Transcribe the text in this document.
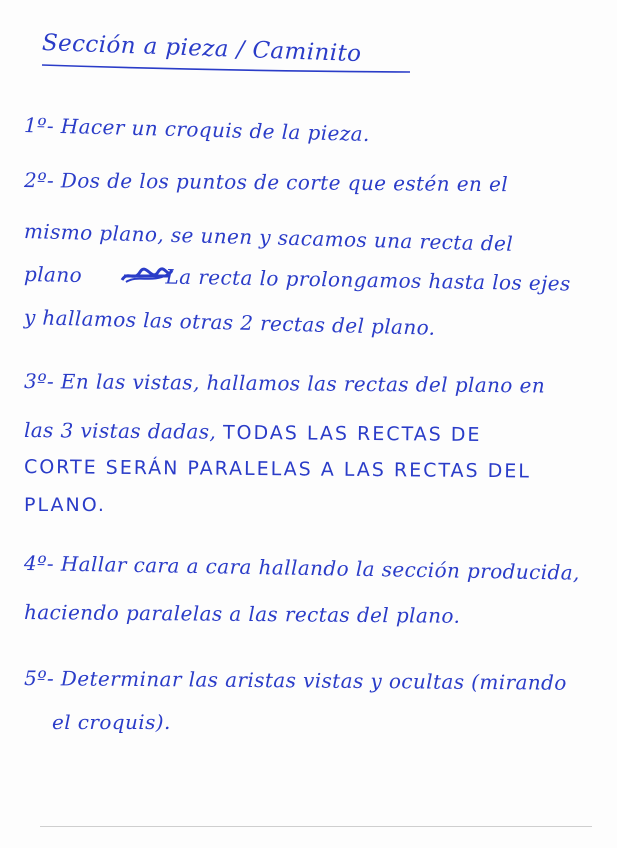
Sección a pieza / Caminito
1º- Hacer un croquis de la pieza.
2º- Dos de los puntos de corte que estén en el
mismo plano, se unen y sacamos una recta del
plano	La recta lo prolongamos hasta los ejes
y hallamos las otras 2 rectas del plano.
3º- En las vistas, hallamos las rectas del plano en
las 3 vistas dadas, TODAS LAS RECTAS DE
CORTE SERÁN PARALELAS A LAS RECTAS DEL
PLANO.
4º- Hallar cara a cara hallando la sección producida,
haciendo paralelas a las rectas del plano.
5º- Determinar las aristas vistas y ocultas (mirando
el croquis).
